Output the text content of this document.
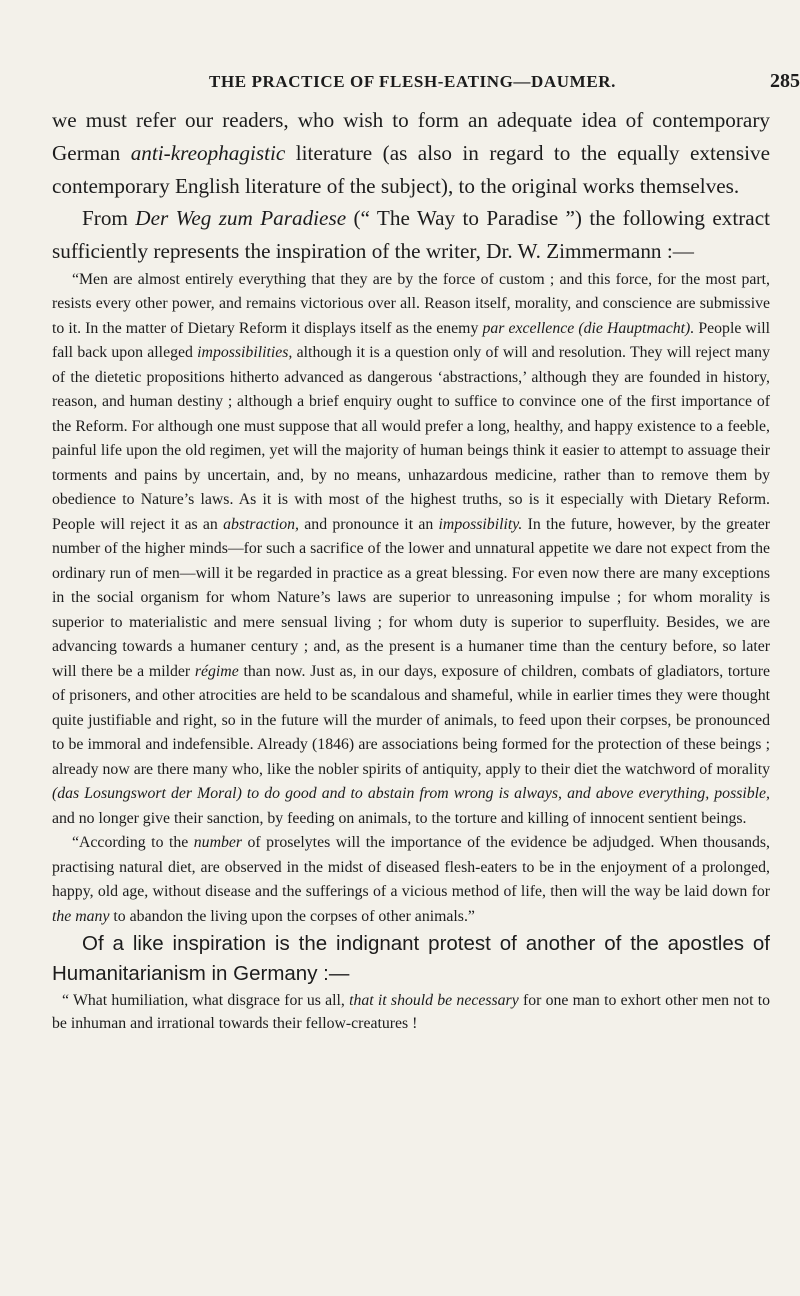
THE PRACTICE OF FLESH-EATING—DAUMER.	285

we must refer our readers, who wish to form an adequate idea of contemporary German anti-kreophagistic literature (as also in regard to the equally extensive contemporary English literature of the subject), to the original works themselves.

From Der Weg zum Paradiese (“ The Way to Paradise ”) the following extract sufficiently represents the inspiration of the writer, Dr. W. Zimmermann :—

“Men are almost entirely everything that they are by the force of custom ; and this force, for the most part, resists every other power, and remains victorious over all. Reason itself, morality, and conscience are submissive to it. In the matter of Dietary Reform it displays itself as the enemy par excellence (die Hauptmacht). People will fall back upon alleged impossibilities, although it is a question only of will and resolution. They will reject many of the dietetic propositions hitherto advanced as dangerous ‘abstractions,’ although they are founded in history, reason, and human destiny ; although a brief enquiry ought to suffice to convince one of the first importance of the Reform. For although one must suppose that all would prefer a long, healthy, and happy existence to a feeble, painful life upon the old regimen, yet will the majority of human beings think it easier to attempt to assuage their torments and pains by uncertain, and, by no means, unhazardous medicine, rather than to remove them by obedience to Nature’s laws. As it is with most of the highest truths, so is it especially with Dietary Reform. People will reject it as an abstraction, and pronounce it an impossibility. In the future, however, by the greater number of the higher minds—for such a sacrifice of the lower and unnatural appetite we dare not expect from the ordinary run of men—will it be regarded in practice as a great blessing. For even now there are many exceptions in the social organism for whom Nature’s laws are superior to unreasoning impulse ; for whom morality is superior to materialistic and mere sensual living ; for whom duty is superior to superfluity. Besides, we are advancing towards a humaner century ; and, as the present is a humaner time than the century before, so later will there be a milder régime than now. Just as, in our days, exposure of children, combats of gladiators, torture of prisoners, and other atrocities are held to be scandalous and shameful, while in earlier times they were thought quite justifiable and right, so in the future will the murder of animals, to feed upon their corpses, be pronounced to be immoral and indefensible. Already (1846) are associations being formed for the protection of these beings ; already now are there many who, like the nobler spirits of antiquity, apply to their diet the watchword of morality (das Losungswort der Moral) to do good and to abstain from wrong is always, and above everything, possible, and no longer give their sanction, by feeding on animals, to the torture and killing of innocent sentient beings.

“According to the number of proselytes will the importance of the evidence be adjudged. When thousands, practising natural diet, are observed in the midst of diseased flesh-eaters to be in the enjoyment of a prolonged, happy, old age, without disease and the sufferings of a vicious method of life, then will the way be laid down for the many to abandon the living upon the corpses of other animals.”

Of a like inspiration is the indignant protest of another of the apostles of Humanitarianism in Germany :—

“ What humiliation, what disgrace for us all, that it should be necessary for one man to exhort other men not to be inhuman and irrational towards their fellow-creatures !
